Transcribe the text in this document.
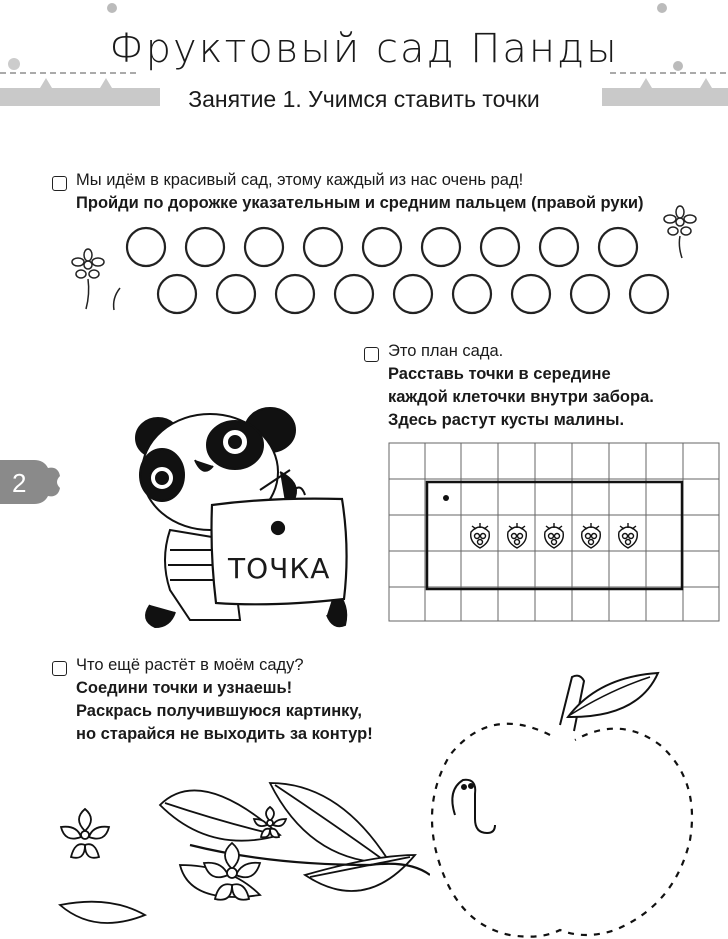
Фруктовый сад Панды
Занятие 1. Учимся ставить точки
Мы идём в красивый сад, этому каждый из нас очень рад!
Пройди по дорожке указательным и средним пальцем (правой руки)
Это план сада.
Расставь точки в середине
каждой клеточки внутри забора.
Здесь растут кусты малины.
2
ТОЧКА
Что ещё растёт в моём саду?
Соедини точки и узнаешь!
Раскрась получившуюся картинку,
но старайся не выходить за контур!
